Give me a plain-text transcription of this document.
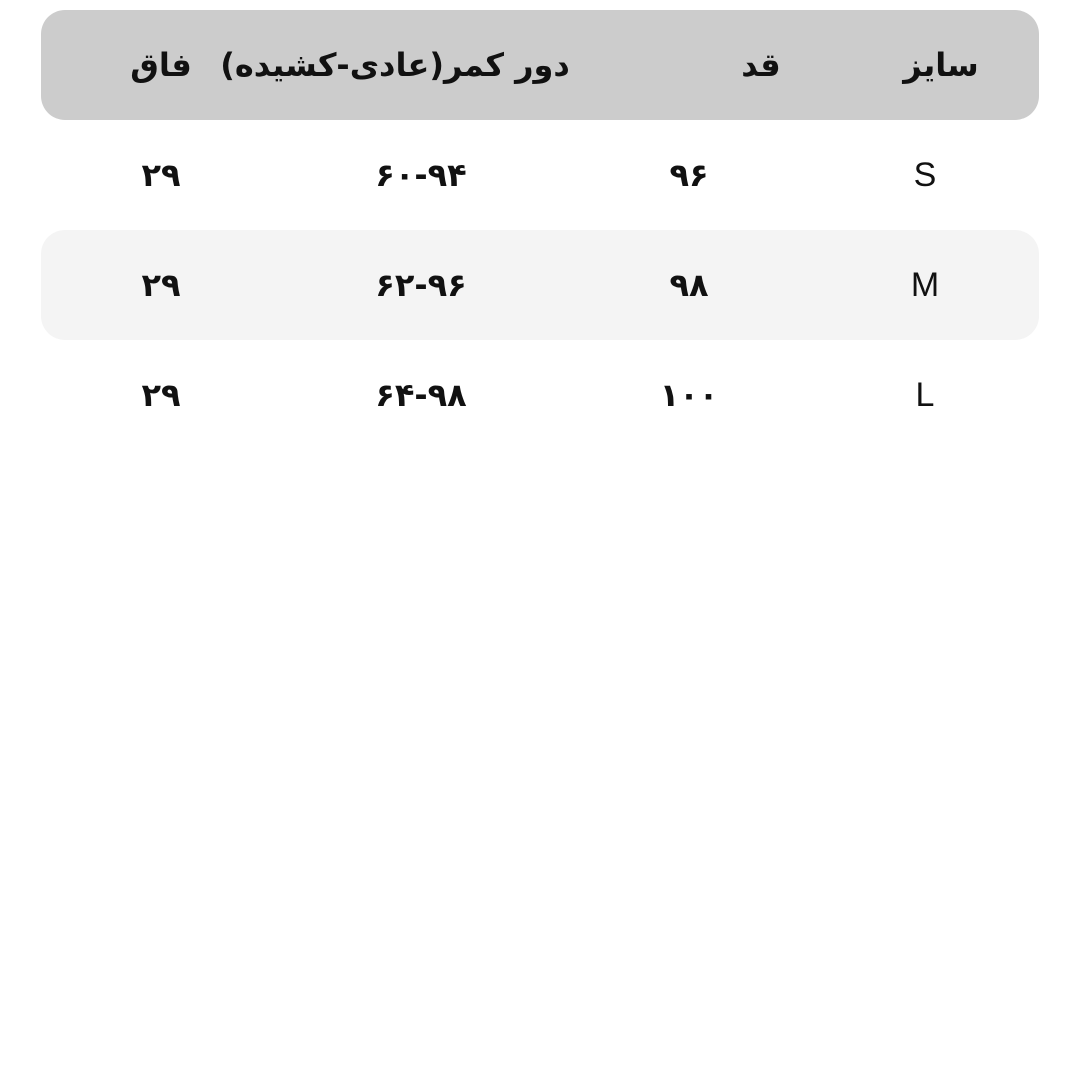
سایز
قد
دور کمر(عادی-کشیده)
فاق
S
۹۶
۶۰-۹۴
۲۹
M
۹۸
۶۲-۹۶
۲۹
L
۱۰۰
۶۴-۹۸
۲۹
